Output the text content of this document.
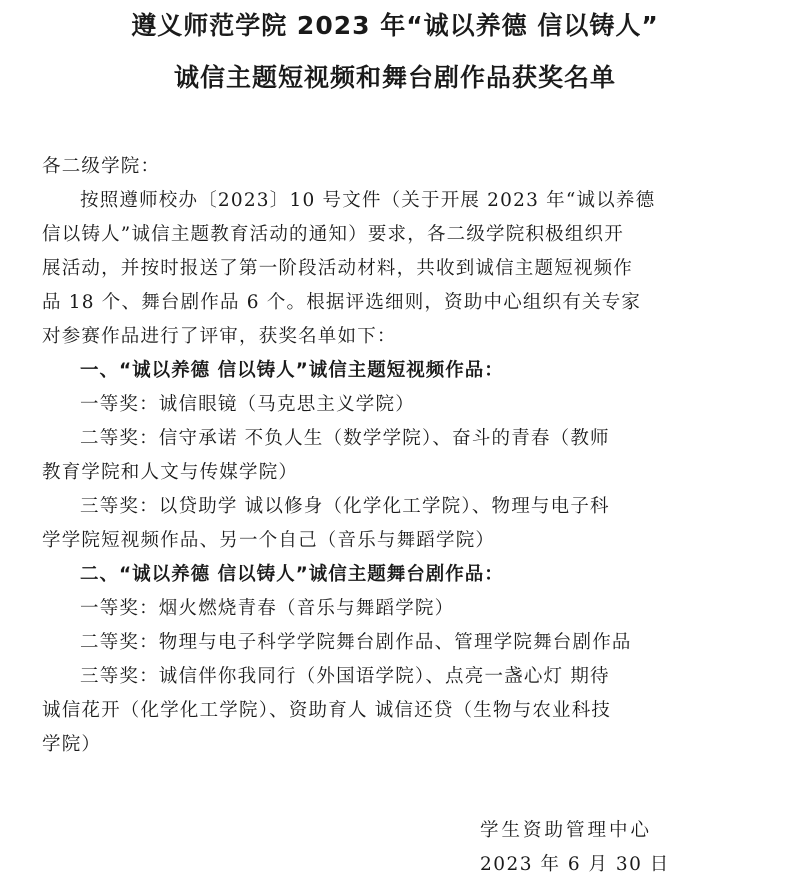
遵义师范学院 2023 年“诚以养德 信以铸人”
诚信主题短视频和舞台剧作品获奖名单
各二级学院：
按照遵师校办〔2023〕10 号文件（关于开展 2023 年“诚以养德
信以铸人”诚信主题教育活动的通知）要求，各二级学院积极组织开
展活动，并按时报送了第一阶段活动材料，共收到诚信主题短视频作
品 18 个、舞台剧作品 6 个。根据评选细则，资助中心组织有关专家
对参赛作品进行了评审，获奖名单如下：
一、“诚以养德 信以铸人”诚信主题短视频作品：
一等奖：诚信眼镜（马克思主义学院）
二等奖：信守承诺 不负人生（数学学院）、奋斗的青春（教师
教育学院和人文与传媒学院）
三等奖：以贷助学 诚以修身（化学化工学院）、物理与电子科
学学院短视频作品、另一个自己（音乐与舞蹈学院）
二、“诚以养德 信以铸人”诚信主题舞台剧作品：
一等奖：烟火燃烧青春（音乐与舞蹈学院）
二等奖：物理与电子科学学院舞台剧作品、管理学院舞台剧作品
三等奖：诚信伴你我同行（外国语学院）、点亮一盏心灯 期待
诚信花开（化学化工学院）、资助育人 诚信还贷（生物与农业科技
学院）
学生资助管理中心
2023 年 6 月 30 日
